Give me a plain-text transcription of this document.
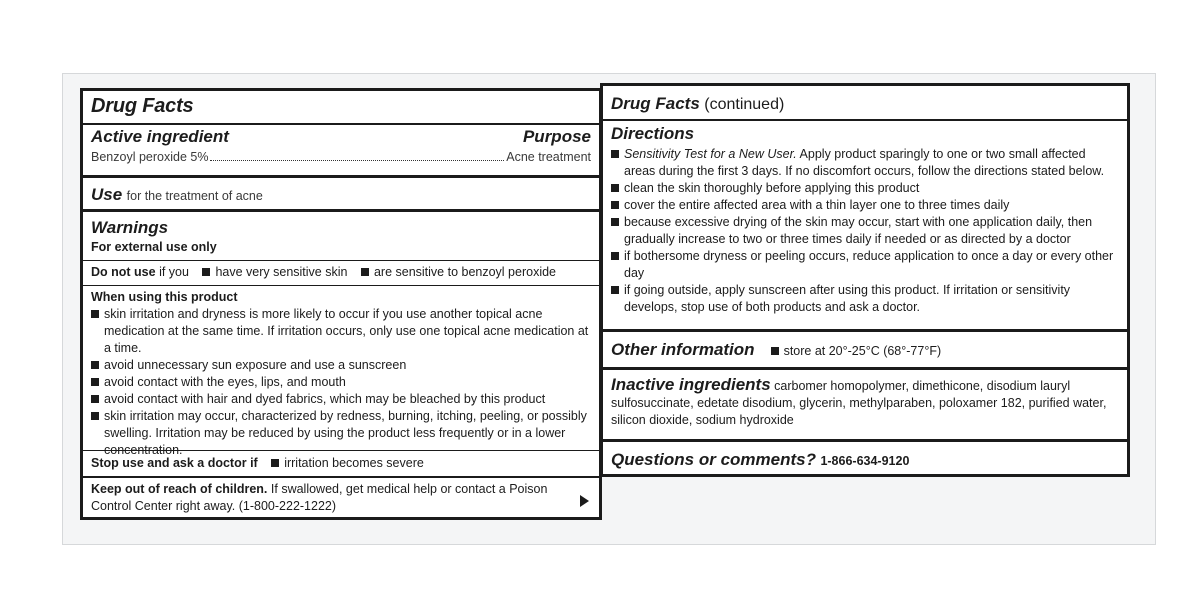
Drug Facts
Active ingredient	Purpose
Benzoyl peroxide 5%	Acne treatment
Use for the treatment of acne
Warnings
For external use only
Do not use if you have very sensitive skin are sensitive to benzoyl peroxide
When using this product
skin irritation and dryness is more likely to occur if you use another topical acne medication at the same time. If irritation occurs, only use one topical acne medication at a time.
avoid unnecessary sun exposure and use a sunscreen
avoid contact with the eyes, lips, and mouth
avoid contact with hair and dyed fabrics, which may be bleached by this product
skin irritation may occur, characterized by redness, burning, itching, peeling, or possibly swelling. Irritation may be reduced by using the product less frequently or in a lower concentration.
Stop use and ask a doctor if irritation becomes severe
Keep out of reach of children. If swallowed, get medical help or contact a Poison Control Center right away. (1-800-222-1222)
Drug Facts (continued)
Directions
Sensitivity Test for a New User. Apply product sparingly to one or two small affected areas during the first 3 days. If no discomfort occurs, follow the directions stated below.
clean the skin thoroughly before applying this product
cover the entire affected area with a thin layer one to three times daily
because excessive drying of the skin may occur, start with one application daily, then gradually increase to two or three times daily if needed or as directed by a doctor
if bothersome dryness or peeling occurs, reduce application to once a day or every other day
if going outside, apply sunscreen after using this product. If irritation or sensitivity develops, stop use of both products and ask a doctor.
Other information store at 20°-25°C (68°-77°F)
Inactive ingredients carbomer homopolymer, dimethicone, disodium lauryl sulfosuccinate, edetate disodium, glycerin, methylparaben, poloxamer 182, purified water, silicon dioxide, sodium hydroxide
Questions or comments? 1-866-634-9120
